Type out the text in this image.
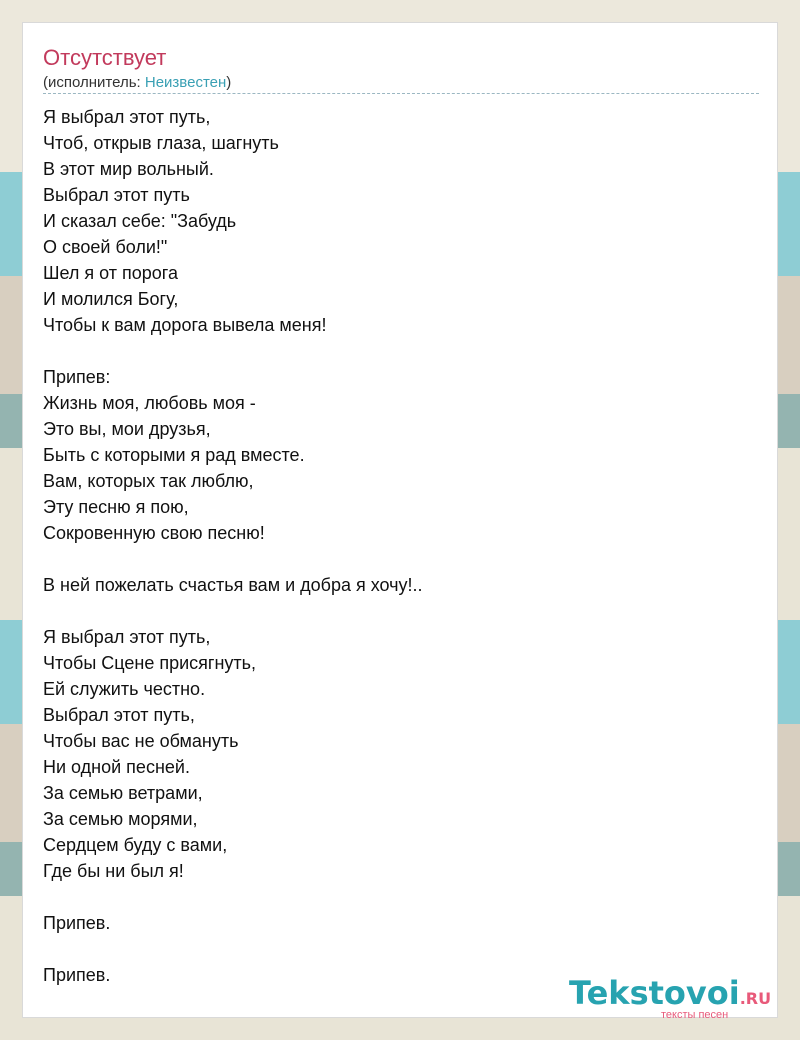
Отсутствует
(исполнитель: Неизвестен)
Я выбрал этот путь,
Чтоб, открыв глаза, шагнуть
В этот мир вольный.
Выбрал этот путь
И сказал себе: "Забудь
О своей боли!"
Шел я от порога
И молился Богу,
Чтобы к вам дорога вывела меня!
Припев:
Жизнь моя, любовь моя -
Это вы, мои друзья,
Быть с которыми я рад вместе.
Вам, которых так люблю,
Эту песню я пою,
Сокровенную свою песню!
В ней пожелать счастья вам и добра я хочу!..
Я выбрал этот путь,
Чтобы Сцене присягнуть,
Ей служить честно.
Выбрал этот путь,
Чтобы вас не обмануть
Ни одной песней.
За семью ветрами,
За семью морями,
Сердцем буду с вами,
Где бы ни был я!
Припев.
Припев.	Tekstovoi.RU
тексты песен
